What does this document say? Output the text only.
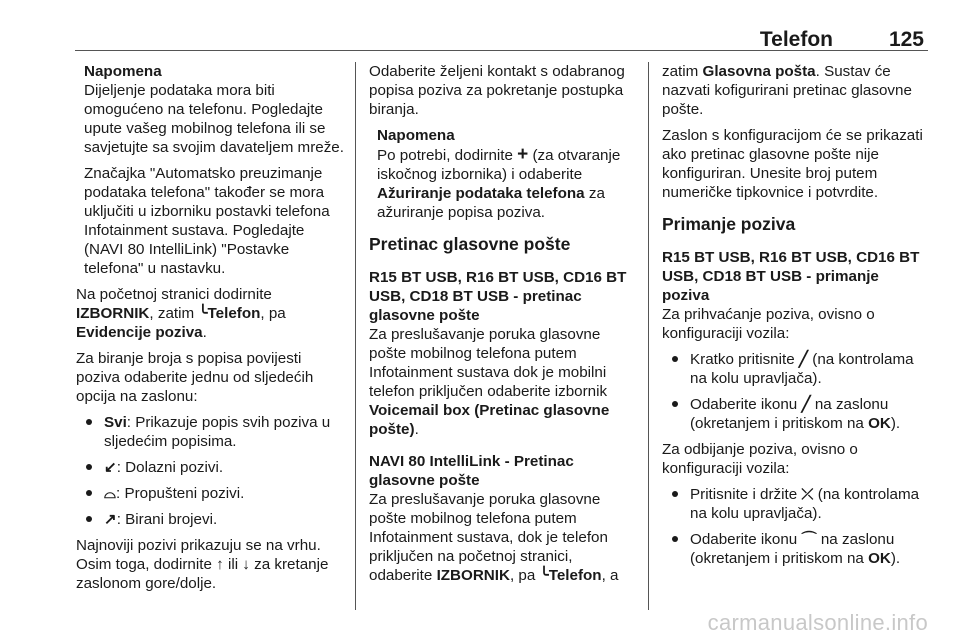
Telefon	125
Napomena

Dijeljenje podataka mora biti omogućeno na telefonu. Pogledajte upute vašeg mobilnog telefona ili se savjetujte sa svojim davateljem mreže.

Značajka "Automatsko preuzimanje podataka telefona" također se mora uključiti u izborniku postavki telefona Infotainment sustava. Pogledajte (NAVI 80 IntelliLink) "Postavke telefona" u nastavku.

Na početnoj stranici dodirnite IZBORNIK, zatim ╰Telefon, pa Evidencije poziva.

Za biranje broja s popisa povijesti poziva odaberite jednu od sljedećih opcija na zaslonu:

Svi: Prikazuje popis svih poziva u sljedećim popisima.
↙: Dolazni pozivi.
⌓: Propušteni pozivi.
↗: Birani brojevi.

Najnoviji pozivi prikazuju se na vrhu. Osim toga, dodirnite ↑ ili ↓ za kretanje zaslonom gore/dolje.

Odaberite željeni kontakt s odabranog popisa poziva za pokretanje postupka biranja.

Napomena

Po potrebi, dodirnite + (za otvaranje iskočnog izbornika) i odaberite Ažuriranje podataka telefona za ažuriranje popisa poziva.

Pretinac glasovne pošte
R15 BT USB, R16 BT USB, CD16 BT USB, CD18 BT USB - pretinac glasovne pošte

Za preslušavanje poruka glasovne pošte mobilnog telefona putem Infotainment sustava dok je mobilni telefon priključen odaberite izbornik Voicemail box (Pretinac glasovne pošte).

NAVI 80 IntelliLink - Pretinac glasovne pošte

Za preslušavanje poruka glasovne pošte mobilnog telefona putem Infotainment sustava, dok je telefon priključen na početnoj stranici, odaberite IZBORNIK, pa ╰Telefon, a

zatim Glasovna pošta. Sustav će nazvati kofigurirani pretinac glasovne pošte.

Zaslon s konfiguracijom će se prikazati ako pretinac glasovne pošte nije konfiguriran. Unesite broj putem numeričke tipkovnice i potvrdite.

Primanje poziva
R15 BT USB, R16 BT USB, CD16 BT USB, CD18 BT USB - primanje poziva

Za prihvaćanje poziva, ovisno o konfiguraciji vozila:

Kratko pritisnite ╱ (na kontrolama na kolu upravljača).
Odaberite ikonu ╱ na zaslonu (okretanjem i pritiskom na OK).

Za odbijanje poziva, ovisno o konfiguraciji vozila:

Pritisnite i držite ⤫ (na kontrolama na kolu upravljača).
Odaberite ikonu ⌒ na zaslonu (okretanjem i pritiskom na OK).
carmanualsonline.info
